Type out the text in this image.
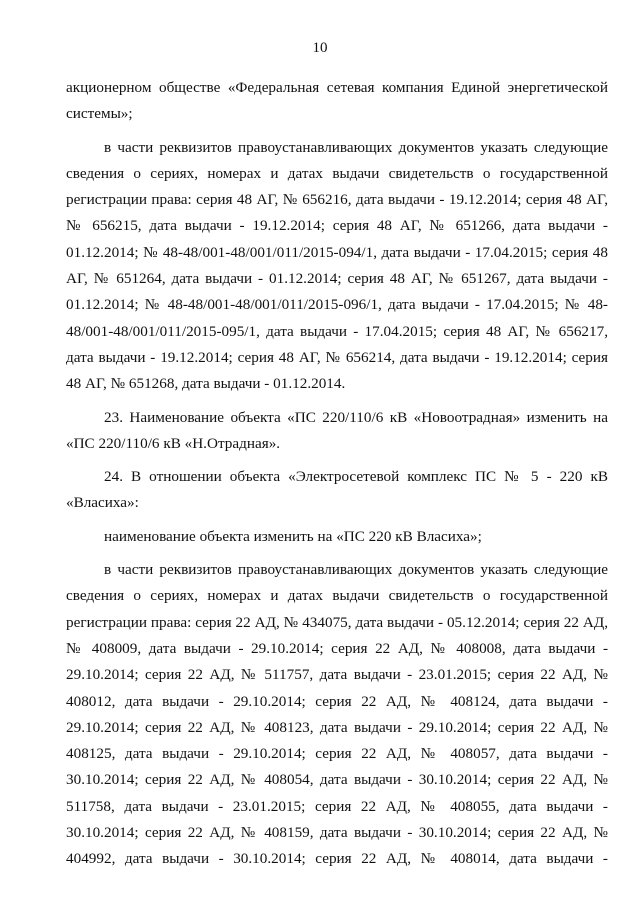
10

акционерном обществе «Федеральная сетевая компания Единой энергетической системы»;

в части реквизитов правоустанавливающих документов указать следующие сведения о сериях, номерах и датах выдачи свидетельств о государственной регистрации права: серия 48 АГ, № 656216, дата выдачи - 19.12.2014; серия 48 АГ, № 656215, дата выдачи - 19.12.2014; серия 48 АГ, № 651266, дата выдачи - 01.12.2014; № 48-48/001-48/001/011/2015-094/1, дата выдачи - 17.04.2015; серия 48 АГ, № 651264, дата выдачи - 01.12.2014; серия 48 АГ, № 651267, дата выдачи - 01.12.2014; № 48-48/001-48/001/011/2015-096/1, дата выдачи - 17.04.2015; № 48-48/001-48/001/011/2015-095/1, дата выдачи - 17.04.2015; серия 48 АГ, № 656217, дата выдачи - 19.12.2014; серия 48 АГ, № 656214, дата выдачи - 19.12.2014; серия 48 АГ, № 651268, дата выдачи - 01.12.2014.

23. Наименование объекта «ПС 220/110/6 кВ «Новоотрадная» изменить на «ПС 220/110/6 кВ «Н.Отрадная».

24. В отношении объекта «Электросетевой комплекс ПС № 5 - 220 кВ «Власиха»:

наименование объекта изменить на «ПС 220 кВ Власиха»;

в части реквизитов правоустанавливающих документов указать следующие сведения о сериях, номерах и датах выдачи свидетельств о государственной регистрации права: серия 22 АД, № 434075, дата выдачи - 05.12.2014; серия 22 АД, № 408009, дата выдачи - 29.10.2014; серия 22 АД, № 408008, дата выдачи - 29.10.2014; серия 22 АД, № 511757, дата выдачи - 23.01.2015; серия 22 АД, № 408012, дата выдачи - 29.10.2014; серия 22 АД, № 408124, дата выдачи - 29.10.2014; серия 22 АД, № 408123, дата выдачи - 29.10.2014; серия 22 АД, № 408125, дата выдачи - 29.10.2014; серия 22 АД, № 408057, дата выдачи - 30.10.2014; серия 22 АД, № 408054, дата выдачи - 30.10.2014; серия 22 АД, № 511758, дата выдачи - 23.01.2015; серия 22 АД, № 408055, дата выдачи - 30.10.2014; серия 22 АД, № 408159, дата выдачи - 30.10.2014; серия 22 АД, № 404992, дата выдачи - 30.10.2014; серия 22 АД, № 408014, дата выдачи -
